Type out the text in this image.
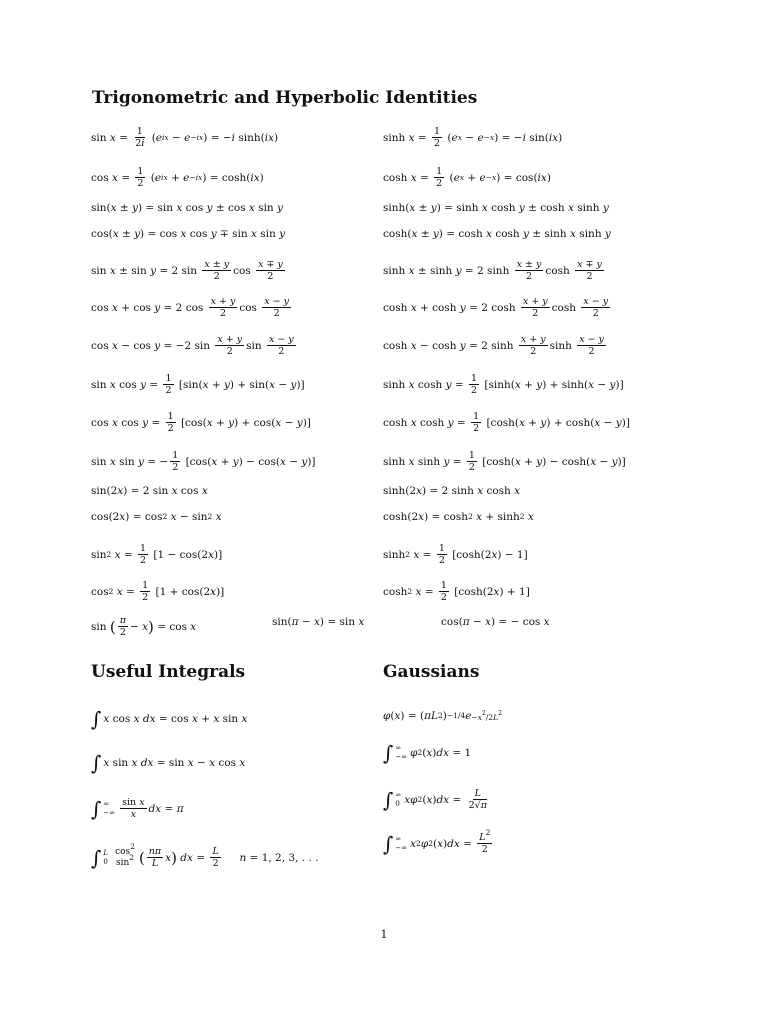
Trigonometric and Hyperbolic Identities
$\sin x = \frac{1}{2i}$ ( e ix − e −ix ) = − i sinh( ix )
$\cos x = \frac{1}{2}$ ( e ix + e −ix ) = cosh( ix )
sin( x ± y ) = sin x cos y ± cos x sin y
cos( x ± y ) = cos x cos y ∓ sin x sin y
sin x ± sin y = 2 $\sin \frac{x \pm y}{2}$ $\cos \frac{x \mp y}{2}$
cos x + cos y = 2 $\cos \frac{x + y}{2}$ $\cos \frac{x - y}{2}$
cos x − cos y = −2 $\sin \frac{x + y}{2}$ $\sin \frac{x - y}{2}$
sin x $\cos y = \frac{1}{2} [\sin$( x + y ) + sin( x − y )]
cos x $\cos y = \frac{1}{2} [\cos$( x + y ) + cos( x − y )]
sin x sin y = − $\frac{1}{2} [\cos$( x + y ) − cos( x − y )]
sin(2 x ) = 2 sin x cos x
cos(2 x ) = cos 2
x − sin 2
x
sin 2
$x = \frac{1}{2} [1 - \cos(2$ x )]
cos 2
$x = \frac{1}{2} [1 + \cos(2$ x )]
$\sinh x = \frac{1}{2}$ ( e x − e −x ) = − i sin( ix )
$\cosh x = \frac{1}{2}$ ( e x + e −x ) = cos( ix )
sinh( x ± y ) = sinh x cosh y ± cosh x sinh y
cosh( x ± y ) = cosh x cosh y ± sinh x sinh y
sinh x ± sinh y = 2 $\sinh \frac{x \pm y}{2}$ $\cosh \frac{x \mp y}{2}$
cosh x + cosh y = 2 $\cosh \frac{x + y}{2}$ $\cosh \frac{x - y}{2}$
cosh x − cosh y = 2 $\sinh \frac{x + y}{2}$ $\sinh \frac{x - y}{2}$
sinh x $\cosh y = \frac{1}{2} [\sinh$( x + y ) + sinh( x − y )]
cosh x $\cosh y = \frac{1}{2} [\cosh$( x + y ) + cosh( x − y )]
sinh x $\sinh y = \frac{1}{2} [\cosh$( x + y ) − cosh( x − y )]
sinh(2 x ) = 2 sinh x cosh x
cosh(2 x ) = cosh 2
x + sinh 2
x
sinh 2
$x = \frac{1}{2} [\cosh(2$ x ) − 1]
cosh 2
$x = \frac{1}{2} [\cosh(2$ x ) + 1]
sin ( $\frac{\pi}{2} - x$ ) = cos x	sin( π − x ) = sin x	cos( π − x ) = − cos x
Useful Integrals
∫ x cos x
dx = cos x + x sin x
∫ x sin x
dx = sin x − x cos x
∫ ∞
−∞ $\frac{\text{sin x}}{x}$ dx = π
∫ L
0
$\cos^2$
$\sin^2$ ( $\frac{n\pi}{L}$ x )
dx = $\frac{L}{2}$
n = 1, 2, 3, . . .
Gaussians
φ ( x ) = ( πL 2 ) −1/4 $e -x^2/2L^2$
∫ ∞
−∞ φ 2 ( x ) dx = 1
∫ ∞
0 xφ 2 ( x ) dx = $\frac{L}{2√\pi}$
∫ ∞
−∞ x 2 φ 2 ( x ) dx = $\frac{L^2}{2}$
1
